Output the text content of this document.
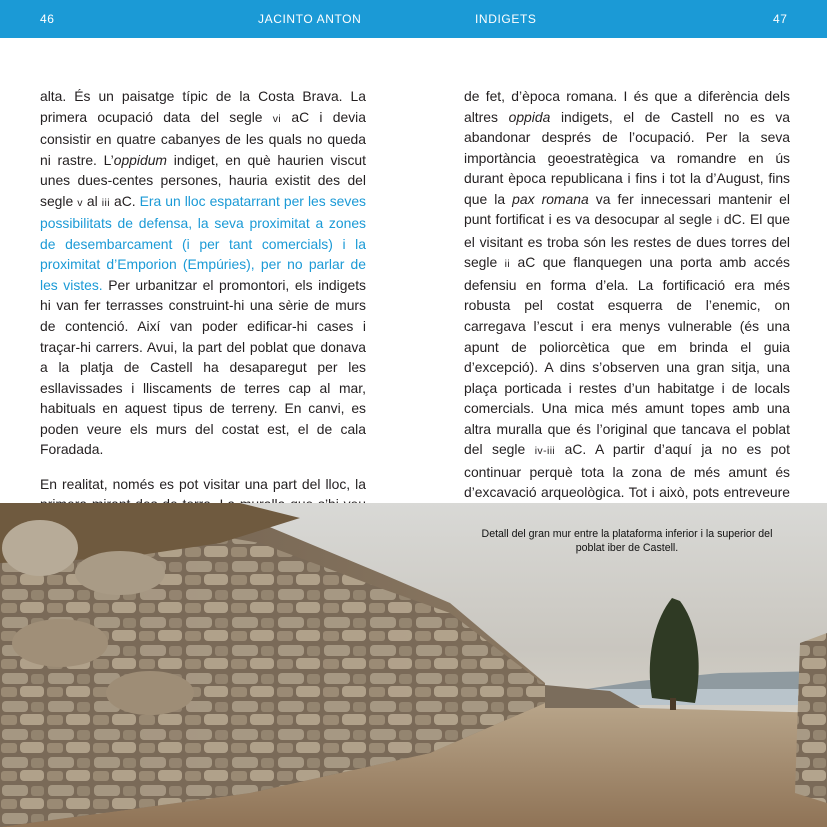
46	JACINTO ANTON	INDIGETS	47

alta. És un paisatge típic de la Costa Brava. La primera ocupació data del segle vi aC i devia consistir en quatre cabanyes de les quals no queda ni rastre. L’oppidum indiget, en què haurien viscut unes dues-centes persones, hauria existit des del segle v al iii aC. Era un lloc espatarrant per les seves possibilitats de defensa, la seva proximitat a zones de desembarcament (i per tant comercials) i la proximitat d’Emporion (Empúries), per no parlar de les vistes. Per urbanitzar el promontori, els indigets hi van fer terrasses construint-hi una sèrie de murs de contenció. Així van poder edificar-hi cases i traçar-hi carrers. Avui, la part del poblat que donava a la platja de Castell ha desaparegut per les esllavissades i lliscaments de terres cap al mar, habituals en aquest tipus de terreny. En canvi, es poden veure els murs del costat est, el de cala Foradada.

En realitat, només es pot visitar una part del lloc, la

de fet, d’època romana. I és que a diferència dels altres oppida indigets, el de Castell no es va abandonar després de l’ocupació. Per la seva importància geoestratègica va romandre en ús durant època republicana i fins i tot la d’August, fins que la pax romana va fer innecessari mantenir el punt fortificat i es va desocupar al segle i dC. El que el visitant es troba són les restes de dues torres del segle ii aC que flanquegen una porta amb accés defensiu en forma d’ela. La fortificació era més robusta pel costat esquerra de l’enemic, on carregava l’escut i era menys vulnerable (és una apunt de poliorcètica que em brinda el guia d’excepció). A dins s’observen una gran sitja, una plaça porticada i restes d’un habitatge i de locals comercials. Una mica més amunt topes amb una altra muralla que és l’original que tancava el poblat del segle iv-iii aC. A partir d’aquí ja no es pot continuar perquè tota la zona de més amunt és d’excavació arqueològica. Tot i això, pots entreveure

Detall del gran mur entre la plataforma inferior i la superior del poblat iber de Castell.
